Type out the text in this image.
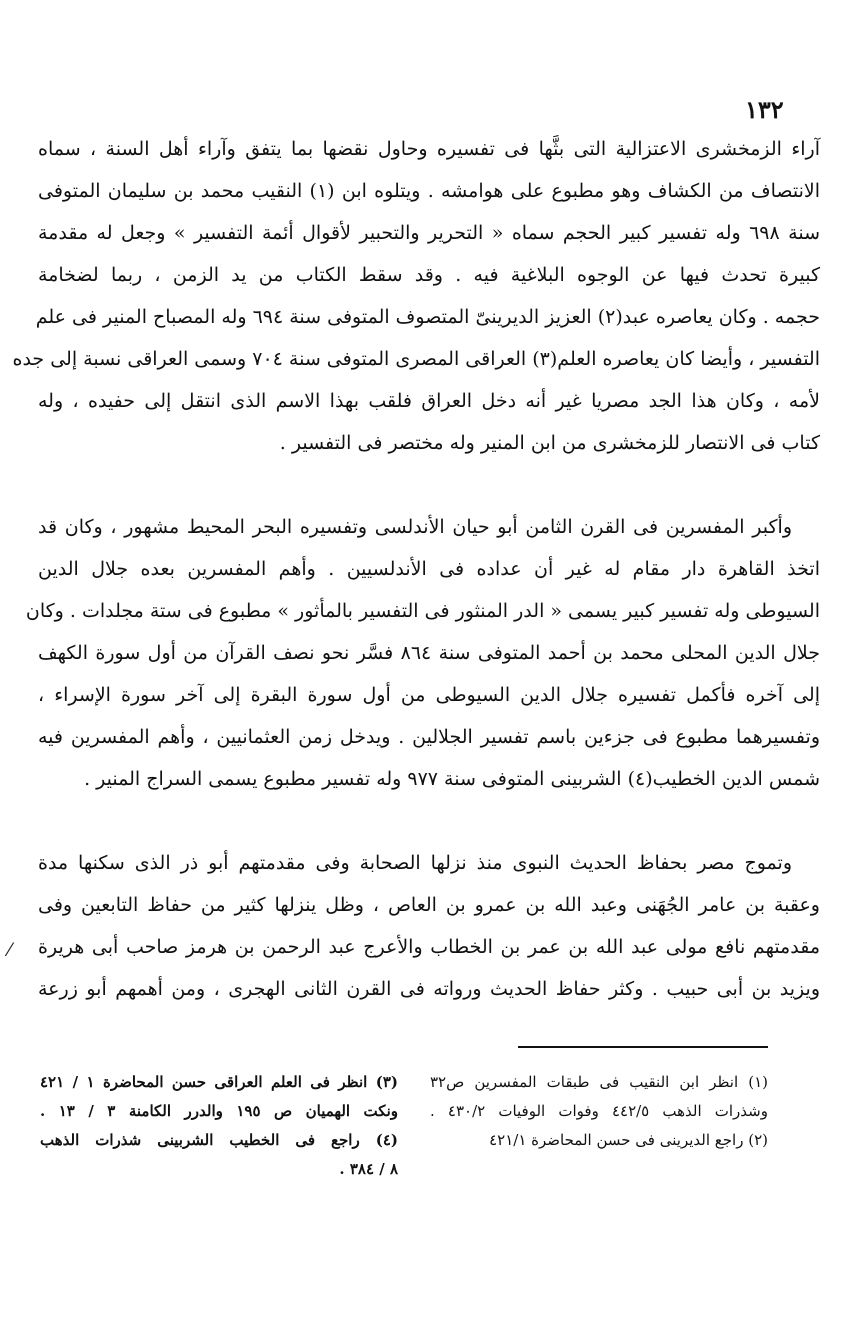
١٣٢
آراء الزمخشرى الاعتزالية التى بثَّها فى تفسيره وحاول نقضها بما يتفق وآراء أهل السنة ، سماه
الانتصاف من الكشاف وهو مطبوع على هوامشه . ويتلوه ابن (١) النقيب محمد بن سليمان المتوفى
سنة ٦٩٨ وله تفسير كبير الحجم سماه « التحرير والتحبير لأقوال أئمة التفسير » وجعل له مقدمة
كبيرة تحدث فيها عن الوجوه البلاغية فيه . وقد سقط الكتاب من يد الزمن ، ربما لضخامة
حجمه . وكان يعاصره عبد(٢) العزيز الديرينىّ المتصوف المتوفى سنة ٦٩٤ وله المصباح المنير فى علم
التفسير ، وأيضا كان يعاصره العلم(٣) العراقى المصرى المتوفى سنة ٧٠٤ وسمى العراقى نسبة إلى جده
لأمه ، وكان هذا الجد مصريا غير أنه دخل العراق فلقب بهذا الاسم الذى انتقل إلى حفيده ، وله
كتاب فى الانتصار للزمخشرى من ابن المنير وله مختصر فى التفسير .
وأكبر المفسرين فى القرن الثامن أبو حيان الأندلسى وتفسيره البحر المحيط مشهور ، وكان قد
اتخذ القاهرة دار مقام له غير أن عداده فى الأندلسيين . وأهم المفسرين بعده جلال الدين
السيوطى وله تفسير كبير يسمى « الدر المنثور فى التفسير بالمأثور » مطبوع فى ستة مجلدات . وكان
جلال الدين المحلى محمد بن أحمد المتوفى سنة ٨٦٤ فسَّر نحو نصف القرآن من أول سورة الكهف
إلى آخره فأكمل تفسيره جلال الدين السيوطى من أول سورة البقرة إلى آخر سورة الإسراء ،
وتفسيرهما مطبوع فى جزءين باسم تفسير الجلالين . ويدخل زمن العثمانيين ، وأهم المفسرين فيه
شمس الدين الخطيب(٤) الشربينى المتوفى سنة ٩٧٧ وله تفسير مطبوع يسمى السراج المنير .
وتموج مصر بحفاظ الحديث النبوى منذ نزلها الصحابة وفى مقدمتهم أبو ذر الذى سكنها مدة
وعقبة بن عامر الجُهَنى وعبد الله بن عمرو بن العاص ، وظل ينزلها كثير من حفاظ التابعين وفى
مقدمتهم نافع مولى عبد الله بن عمر بن الخطاب والأعرج عبد الرحمن بن هرمز صاحب أبى هريرة
ويزيد بن أبى حبيب . وكثر حفاظ الحديث ورواته فى القرن الثانى الهجرى ، ومن أهمهم أبو زرعة
⁄
(١) انظر ابن النقيب فى طبقات المفسرين ص٣٢
وشذرات الذهب ٤٤٢/٥ وفوات الوفيات ٤٣٠/٢ .
(٢) راجع الديرينى فى حسن المحاضرة ٤٢١/١
(٣) انظر فى العلم العراقى حسن المحاضرة ١ / ٤٢١
ونكت الهميان ص ١٩٥ والدرر الكامنة ٣ / ١٣ .
(٤) راجع فى الخطيب الشربينى شذرات الذهب
٨ / ٣٨٤ .
